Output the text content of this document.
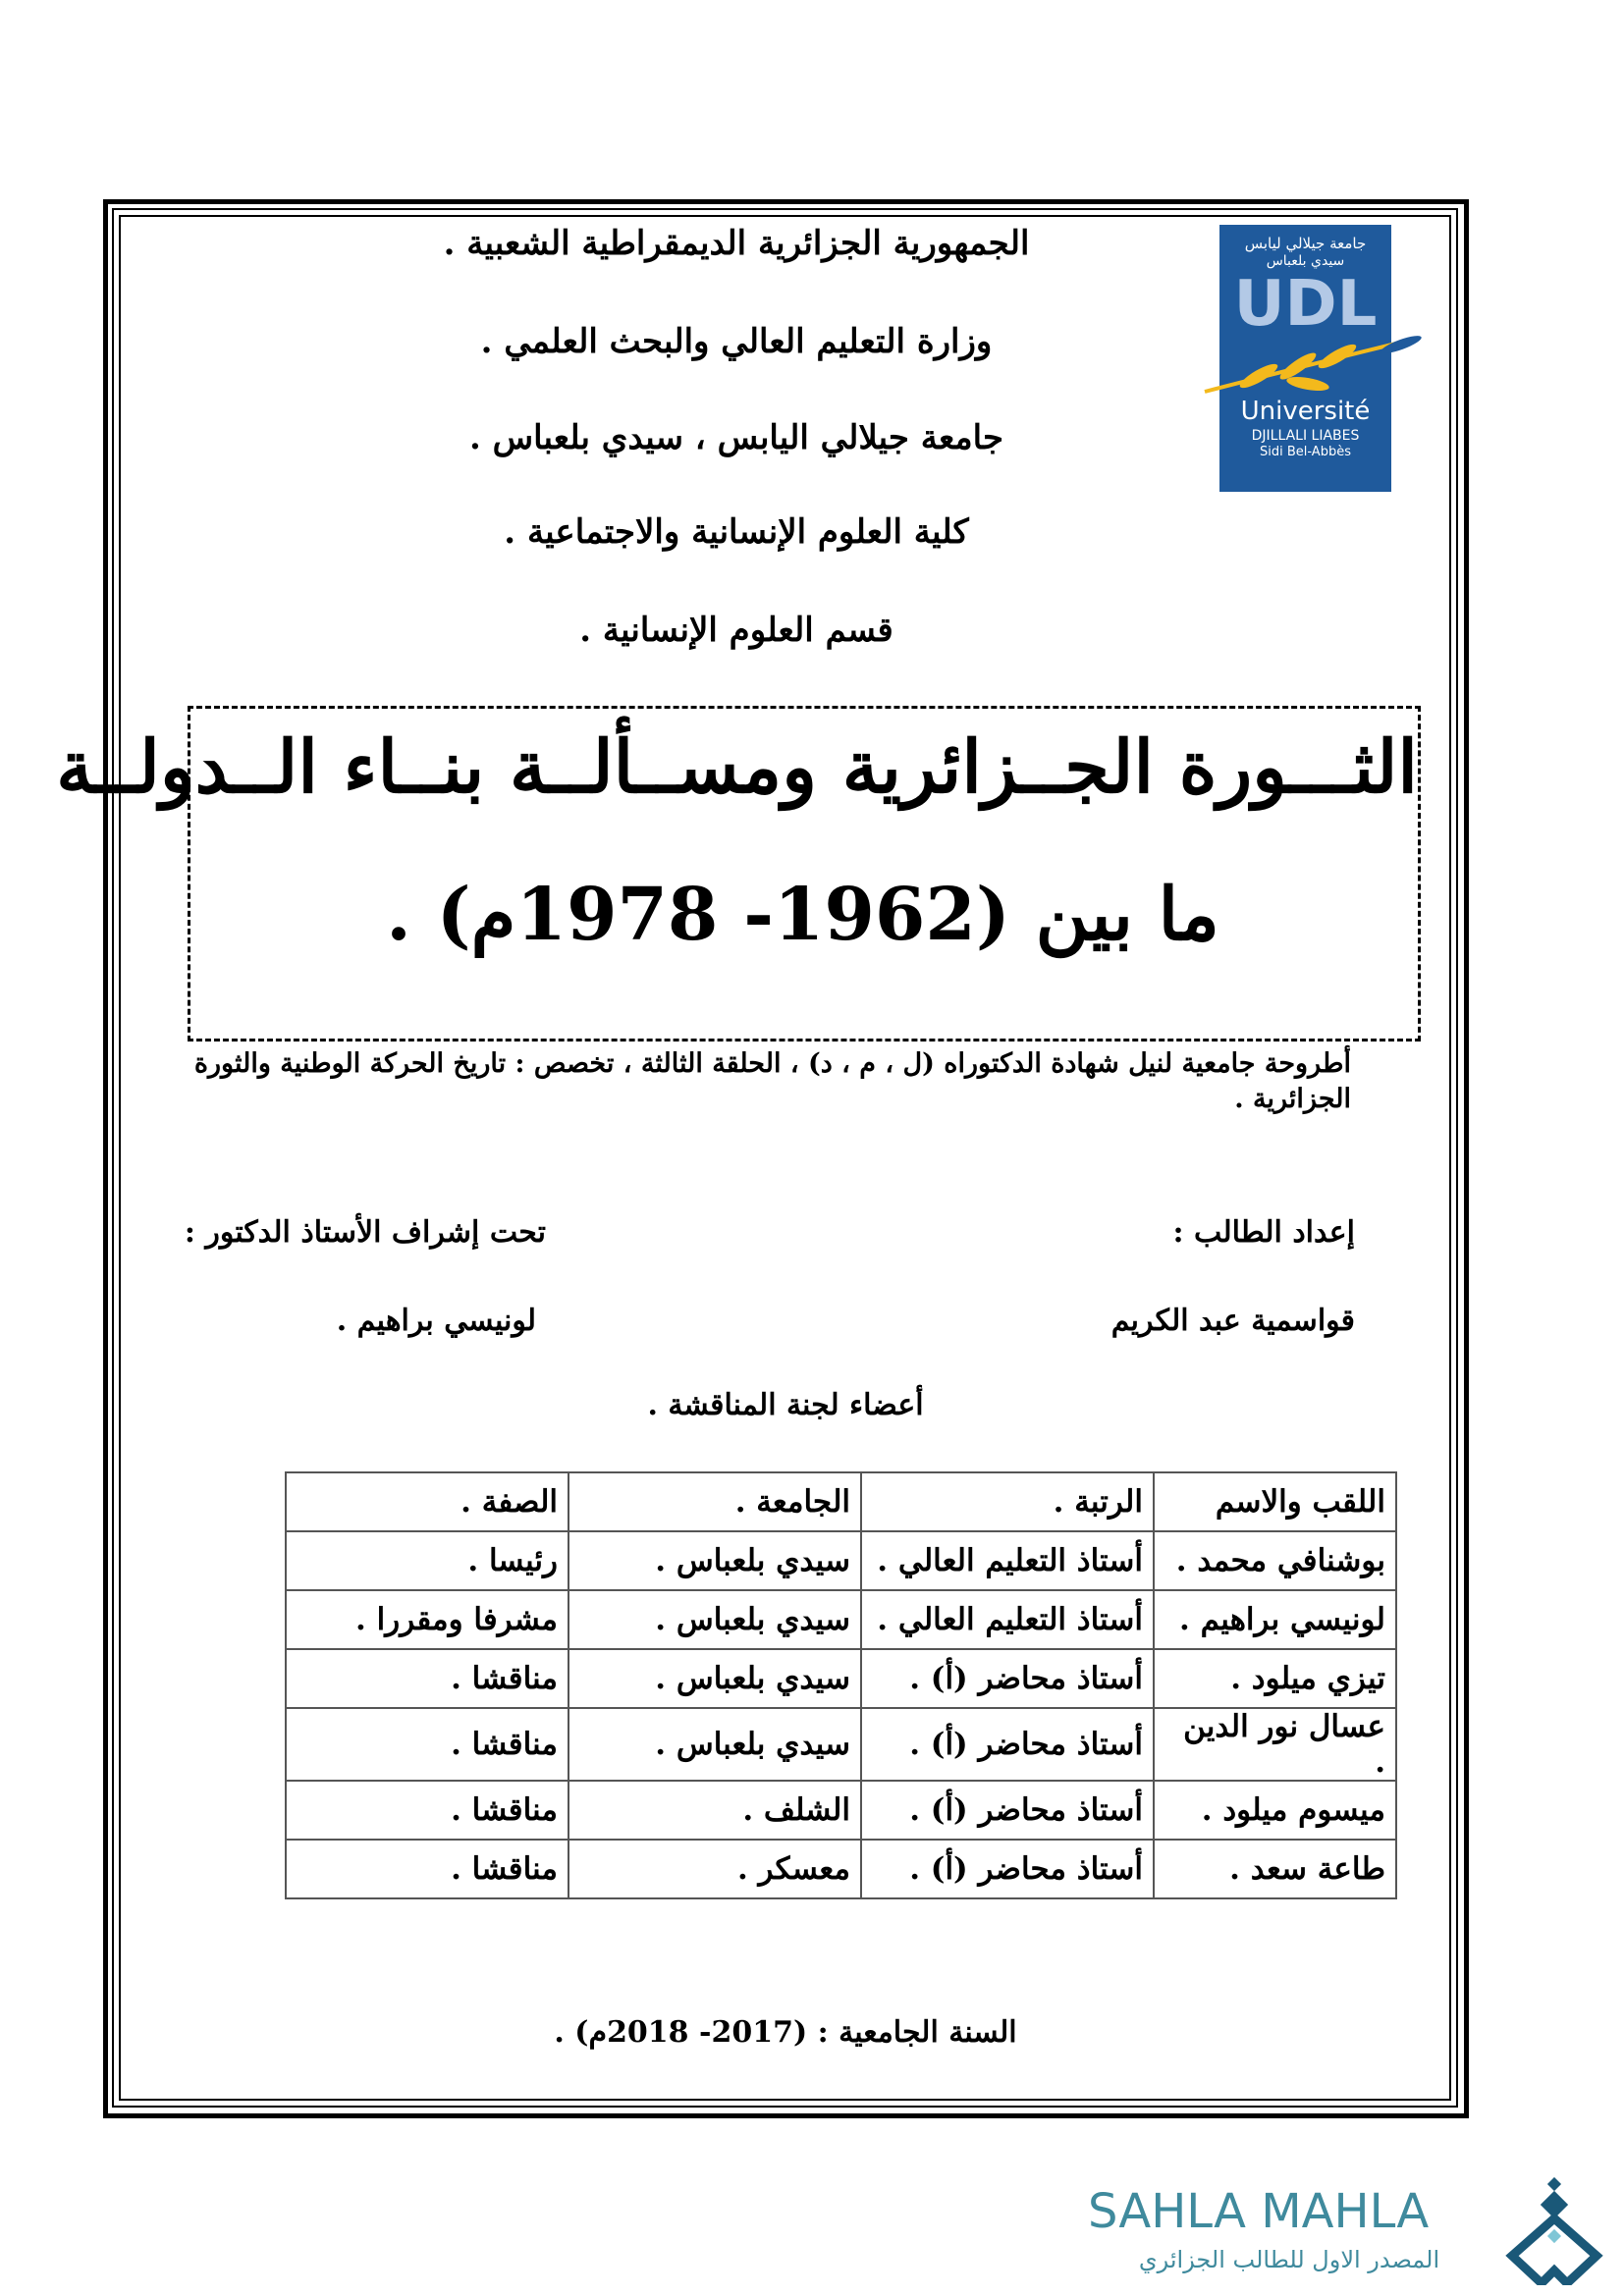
الجمهورية الجزائرية الديمقراطية الشعبية .
وزارة التعليم العالي والبحث العلمي .
جامعة جيلالي اليابس ، سيدي بلعباس .
كلية العلوم الإنسانية والاجتماعية .
قسم العلوم الإنسانية .
جامعة جيلالي ليابس
سيدي بلعباس
UDL
Université
DJILLALI LIABES
Sidi Bel-Abbès
الثـــورة الجــزائرية ومســألــة بنــاء الــدولــة
ما بين (1962- 1978م) .
أطروحة جامعية لنيل شهادة الدكتوراه (ل ، م ، د) ، الحلقة الثالثة ، تخصص : تاريخ الحركة الوطنية والثورة الجزائرية .
إعداد الطالب :
قواسمية عبد الكريم
تحت إشراف الأستاذ الدكتور :
لونيسي براهيم .
أعضاء لجنة المناقشة .
اللقب والاسم	الرتبة .	الجامعة .	الصفة .
بوشنافي محمد .	أستاذ التعليم العالي .	سيدي بلعباس .	رئيسا .
لونيسي براهيم .	أستاذ التعليم العالي .	سيدي بلعباس .	مشرفا ومقررا .
تيزي ميلود .	أستاذ محاضر (أ) .	سيدي بلعباس .	مناقشا .
عسال نور الدين .	أستاذ محاضر (أ) .	سيدي بلعباس .	مناقشا .
ميسوم ميلود .	أستاذ محاضر (أ) .	الشلف .	مناقشا .
طاعة سعد .	أستاذ محاضر (أ) .	معسكر .	مناقشا .
السنة الجامعية : (2017- 2018م) .
SAHLA MAHLA
المصدر الاول للطالب الجزائري
